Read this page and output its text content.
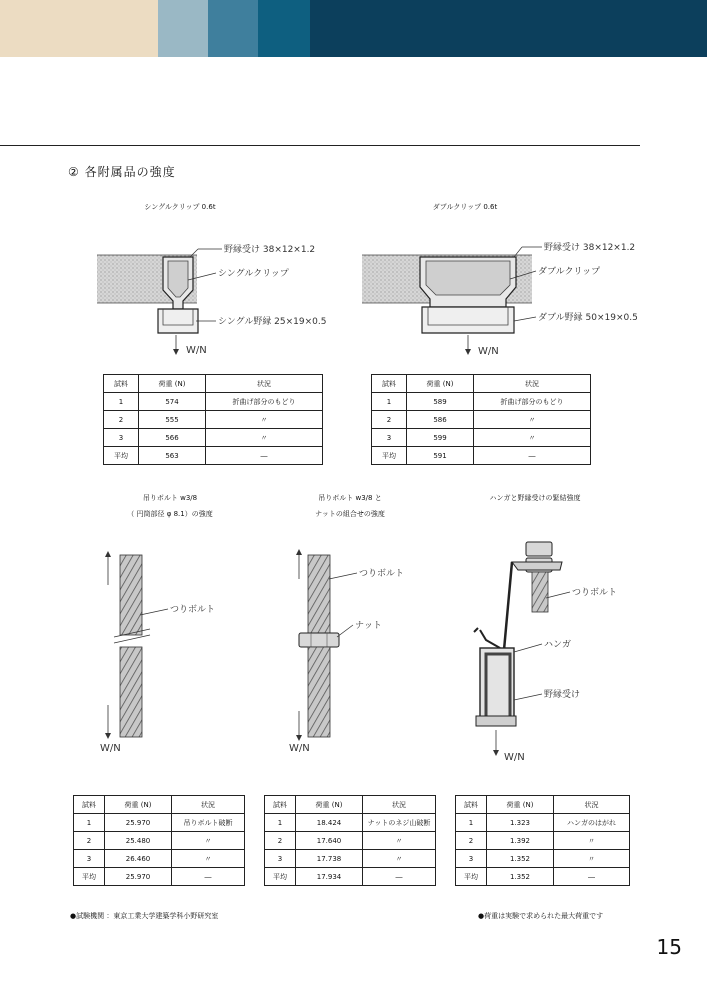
② 各附属品の強度
シングルクリップ 0.6t	ダブルクリップ 0.6t
野縁受け 38×12×1.2
シングルクリップ
シングル野縁 25×19×0.5
W/N
野縁受け 38×12×1.2
ダブルクリップ
ダブル野縁 50×19×0.5
W/N
試料	荷重 (N)	状況
1	574	折曲げ部分のもどり
2	555	〃
3	566	〃
平均	563	―
試料	荷重 (N)	状況
1	589	折曲げ部分のもどり
2	586	〃
3	599	〃
平均	591	―
吊りボルト w3/8
（ 円筒部径 φ 8.1）の強度
吊りボルト w3/8 と
ナットの組合せの強度
ハンガと野縁受けの緊結強度
つりボルト
W/N
つりボルト
ナット
W/N
つりボルト
ハンガ
野縁受け
W/N
試料	荷重 (N)	状況
1	25.970	吊りボルト破断
2	25.480	〃
3	26.460	〃
平均	25.970	―
試料	荷重 (N)	状況
1	18.424	ナットのネジ山破断
2	17.640	〃
3	17.738	〃
平均	17.934	―
試料	荷重 (N)	状況
1	1.323	ハンガのはがれ
2	1.392	〃
3	1.352	〃
平均	1.352	―
●試験機関 ：東京工業大学建築学科小野研究室	●荷重は実験で求められた最大荷重です
15
